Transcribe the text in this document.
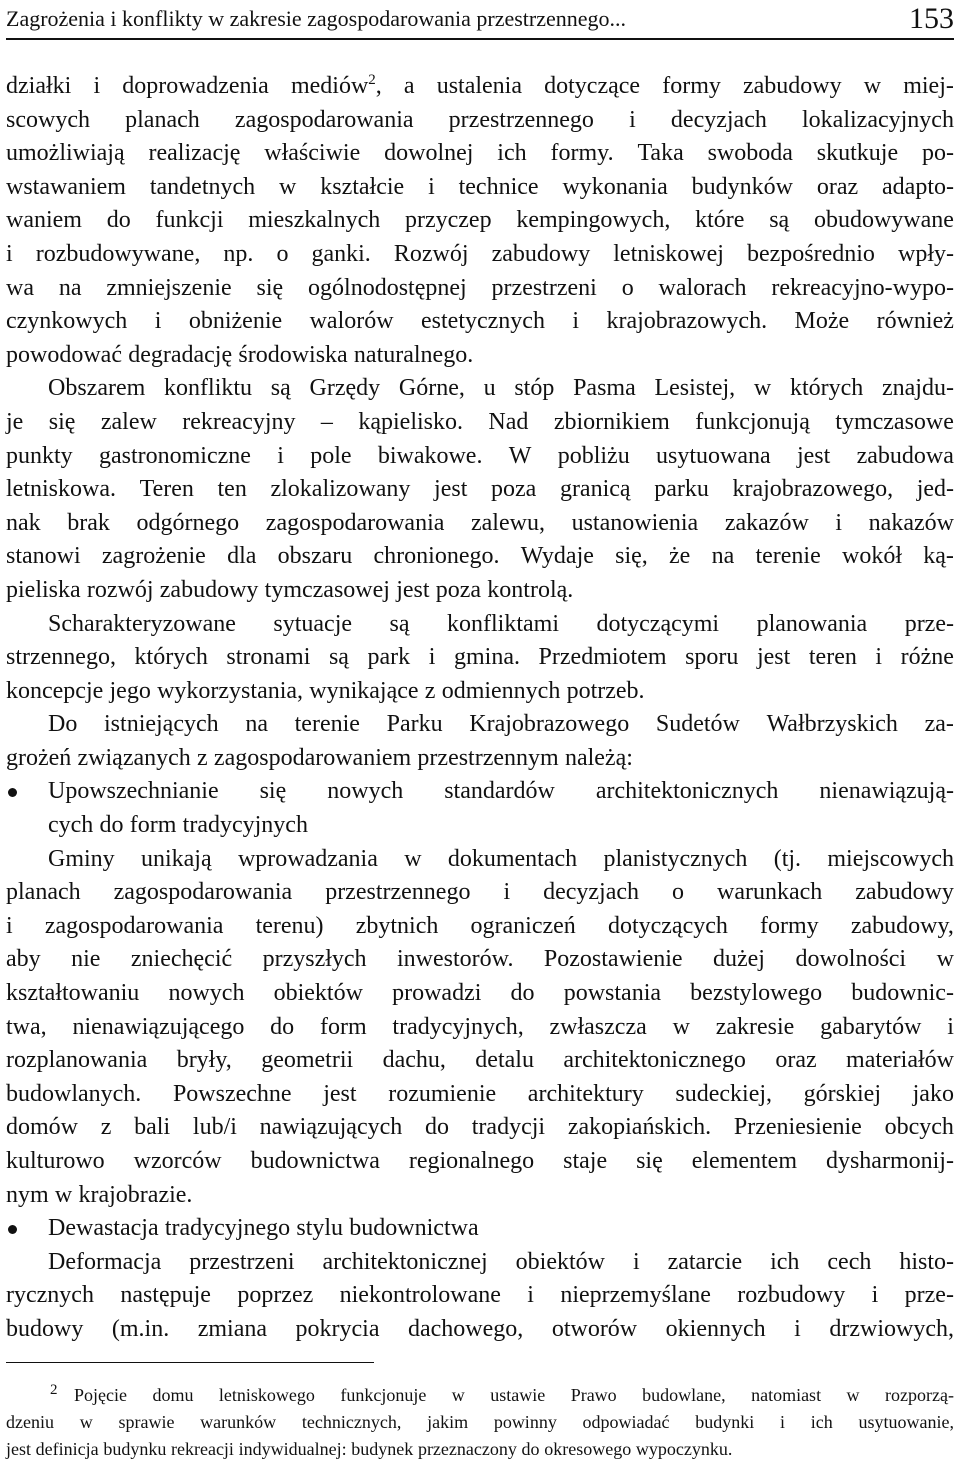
Zagrożenia i konflikty w zakresie zagospodarowania przestrzennego...	153
działki i doprowadzenia mediów$^2$, a ustalenia dotyczące formy zabudowy w miej-
scowych planach zagospodarowania przestrzennego i decyzjach lokalizacyjnych
umożliwiają realizację właściwie dowolnej ich formy. Taka swoboda skutkuje po-
wstawaniem tandetnych w kształcie i technice wykonania budynków oraz adapto-
waniem do funkcji mieszkalnych przyczep kempingowych, które są obudowywane
i rozbudowywane, np. o ganki. Rozwój zabudowy letniskowej bezpośrednio wpły-
wa na zmniejszenie się ogólnodostępnej przestrzeni o walorach rekreacyjno-wypo-
czynkowych i obniżenie walorów estetycznych i krajobrazowych. Może również
powodować degradację środowiska naturalnego.
Obszarem konfliktu są Grzędy Górne, u stóp Pasma Lesistej, w których znajdu-
je się zalew rekreacyjny – kąpielisko. Nad zbiornikiem funkcjonują tymczasowe
punkty gastronomiczne i pole biwakowe. W pobliżu usytuowana jest zabudowa
letniskowa. Teren ten zlokalizowany jest poza granicą parku krajobrazowego, jed-
nak brak odgórnego zagospodarowania zalewu, ustanowienia zakazów i nakazów
stanowi zagrożenie dla obszaru chronionego. Wydaje się, że na terenie wokół ką-
pieliska rozwój zabudowy tymczasowej jest poza kontrolą.
Scharakteryzowane sytuacje są konfliktami dotyczącymi planowania prze-
strzennego, których stronami są park i gmina. Przedmiotem sporu jest teren i różne
koncepcje jego wykorzystania, wynikające z odmiennych potrzeb.
Do istniejących na terenie Parku Krajobrazowego Sudetów Wałbrzyskich za-
grożeń związanych z zagospodarowaniem przestrzennym należą:
Upowszechnianie się nowych standardów architektonicznych nienawiązują-
cych do form tradycyjnych
Gminy unikają wprowadzania w dokumentach planistycznych (tj. miejscowych
planach zagospodarowania przestrzennego i decyzjach o warunkach zabudowy
i zagospodarowania terenu) zbytnich ograniczeń dotyczących formy zabudowy,
aby nie zniechęcić przyszłych inwestorów. Pozostawienie dużej dowolności w
kształtowaniu nowych obiektów prowadzi do powstania bezstylowego budownic-
twa, nienawiązującego do form tradycyjnych, zwłaszcza w zakresie gabarytów i
rozplanowania bryły, geometrii dachu, detalu architektonicznego oraz materiałów
budowlanych. Powszechne jest rozumienie architektury sudeckiej, górskiej jako
domów z bali lub/i nawiązujących do tradycji zakopiańskich. Przeniesienie obcych
kulturowo wzorców budownictwa regionalnego staje się elementem dysharmonij-
nym w krajobrazie.
Dewastacja tradycyjnego stylu budownictwa
Deformacja przestrzeni architektonicznej obiektów i zatarcie ich cech histo-
rycznych następuje poprzez niekontrolowane i nieprzemyślane rozbudowy i prze-
budowy (m.in. zmiana pokrycia dachowego, otworów okiennych i drzwiowych,
2 Pojęcie domu letniskowego funkcjonuje w ustawie Prawo budowlane, natomiast w rozporzą-
dzeniu w sprawie warunków technicznych, jakim powinny odpowiadać budynki i ich usytuowanie,
jest definicja budynku rekreacji indywidualnej: budynek przeznaczony do okresowego wypoczynku.
